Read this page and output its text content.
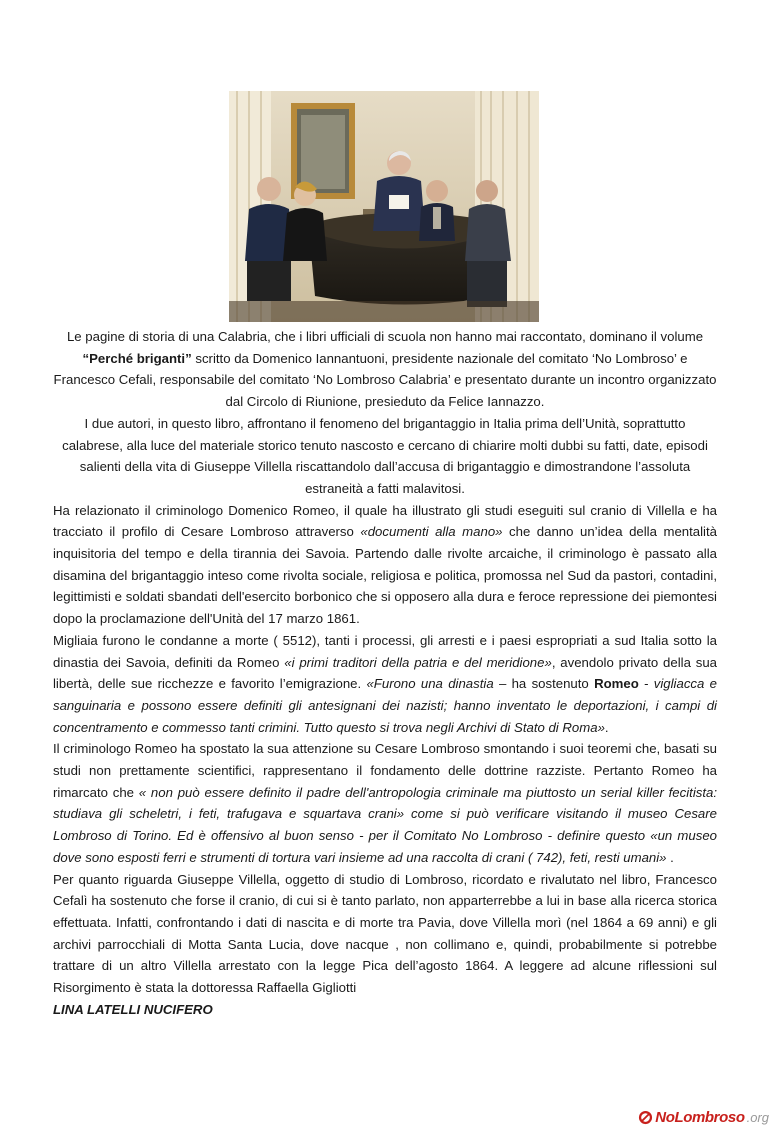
Le pagine di storia di una Calabria, che i libri ufficiali di scuola non hanno mai raccontato, dominano il volume “Perché briganti” scritto da Domenico Iannantuoni, presidente nazionale del comitato ‘No Lombroso’ e Francesco Cefali, responsabile del comitato ‘No Lombroso Calabria’ e presentato durante un incontro organizzato dal Circolo di Riunione, presieduto da Felice Iannazzo.

I due autori, in questo libro, affrontano il fenomeno del brigantaggio in Italia prima dell’Unità, soprattutto calabrese, alla luce del materiale storico tenuto nascosto e cercano di chiarire molti dubbi su fatti, date, episodi salienti della vita di Giuseppe Villella riscattandolo dall’accusa di brigantaggio e dimostrandone l’assoluta estraneità a fatti malavitosi.

Ha relazionato il criminologo Domenico Romeo, il quale ha illustrato gli studi eseguiti sul cranio di Villella e ha tracciato il profilo di Cesare Lombroso attraverso «documenti alla mano» che danno un’idea della mentalità inquisitoria del tempo e della tirannia dei Savoia. Partendo dalle rivolte arcaiche, il criminologo è passato alla disamina del brigantaggio inteso come rivolta sociale, religiosa e politica, promossa nel Sud da pastori, contadini, legittimisti e soldati sbandati dell'esercito borbonico che si opposero alla dura e feroce repressione dei piemontesi dopo la proclamazione dell'Unità del 17 marzo 1861.

Migliaia furono le condanne a morte ( 5512), tanti i processi, gli arresti e i paesi espropriati a sud Italia sotto la dinastia dei Savoia, definiti da Romeo «i primi traditori della patria e del meridione», avendolo privato della sua libertà, delle sue ricchezze e favorito l’emigrazione. «Furono una dinastia – ha sostenuto Romeo - vigliacca e sanguinaria e possono essere definiti gli antesignani dei nazisti; hanno inventato le deportazioni, i campi di concentramento e commesso tanti crimini. Tutto questo si trova negli Archivi di Stato di Roma».

Il criminologo Romeo ha spostato la sua attenzione su Cesare Lombroso smontando i suoi teoremi che, basati su studi non prettamente scientifici, rappresentano il fondamento delle dottrine razziste. Pertanto Romeo ha rimarcato che « non può essere definito il padre dell'antropologia criminale ma piuttosto un serial killer fecitista: studiava gli scheletri, i feti, trafugava e squartava crani» come si può verificare visitando il museo Cesare Lombroso di Torino. Ed è offensivo al buon senso - per il Comitato No Lombroso - definire questo «un museo dove sono esposti ferri e strumenti di tortura vari insieme ad una raccolta di crani ( 742), feti, resti umani» .

Per quanto riguarda Giuseppe Villella, oggetto di studio di Lombroso, ricordato e rivalutato nel libro, Francesco Cefalì ha sostenuto che forse il cranio, di cui si è tanto parlato, non apparterrebbe a lui in base alla ricerca storica effettuata. Infatti, confrontando i dati di nascita e di morte tra Pavia, dove Villella morì (nel 1864 a 69 anni) e gli archivi parrocchiali di Motta Santa Lucia, dove nacque , non collimano e, quindi, probabilmente si potrebbe trattare di un altro Villella arrestato con la legge Pica dell’agosto 1864. A leggere ad alcune riflessioni sul Risorgimento è stata la dottoressa Raffaella Gigliotti

LINA LATELLI NUCIFERO

NoLombroso .org
